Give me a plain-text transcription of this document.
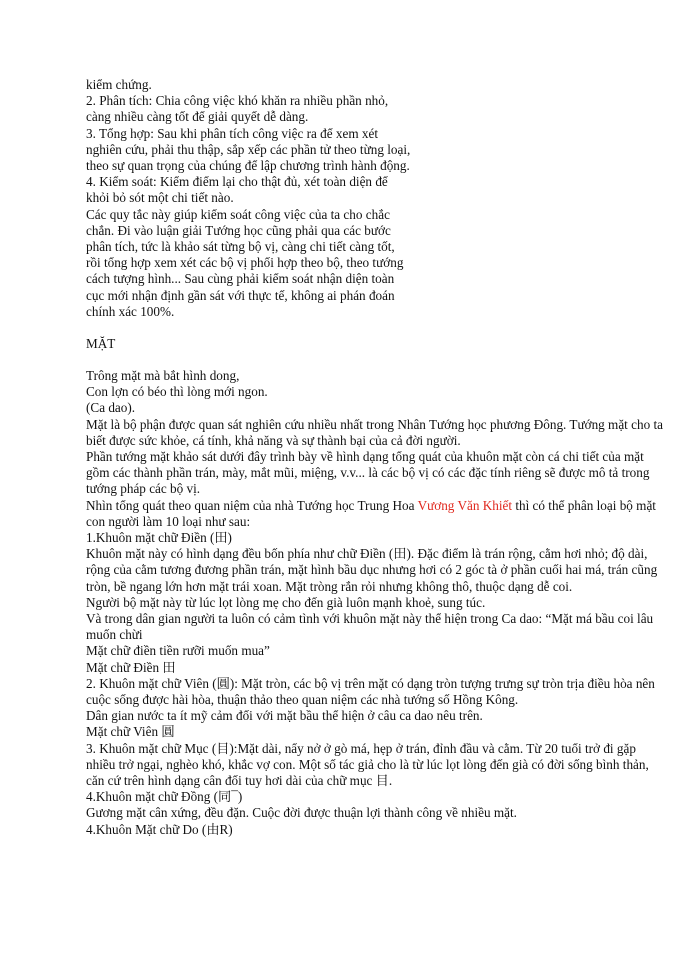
kiểm chứng.
2. Phân tích: Chia công việc khó khăn ra nhiều phần nhỏ,
càng nhiều càng tốt để giải quyết dễ dàng.
3. Tổng hợp: Sau khi phân tích công việc ra để xem xét
nghiên cứu, phải thu thập, sắp xếp các phần tử theo từng loại,
theo sự quan trọng của chúng để lập chương trình hành động.
4. Kiểm soát: Kiểm điểm lại cho thật đủ, xét toàn diện để
khỏi bỏ sót một chi tiết nào.
Các quy tắc này giúp kiểm soát công việc của ta cho chắc
chắn. Đi vào luận giải Tướng học cũng phải qua các bước
phân tích, tức là khảo sát từng bộ vị, càng chi tiết càng tốt,
rồi tổng hợp xem xét các bộ vị phối hợp theo bộ, theo tướng
cách tượng hình... Sau cùng phải kiểm soát nhận diện toàn
cục mới nhận định gần sát với thực tế, không ai phán đoán
chính xác 100%.
MẶT
Trông mặt mà bắt hình dong,
Con lợn có béo thì lòng mới ngon.
(Ca dao).
Mặt là bộ phận được quan sát nghiên cứu nhiều nhất trong Nhân Tướng học phương Đông. Tướng mặt cho ta biết được sức khỏe, cá tính, khả năng và sự thành bại của cả đời người.
Phần tướng mặt khảo sát dưới đây trình bày về hình dạng tổng quát của khuôn mặt còn cá chi tiết của mặt gồm các thành phần trán, mày, mắt mũi, miệng, v.v... là các bộ vị có các đặc tính riêng sẽ được mô tả trong tướng pháp các bộ vị.
Nhìn tổng quát theo quan niệm của nhà Tướng học Trung Hoa Vương Văn Khiết thì có thể phân loại bộ mặt con người làm 10 loại như sau:
1.Khuôn mặt chữ Điền (田)
Khuôn mặt này có hình dạng đều bốn phía như chữ Điền (田). Đặc điểm là trán rộng, cằm hơi nhỏ; độ dài, rộng của cằm tương đương phần trán, mặt hình bầu dục nhưng hơi có 2 góc tà ở phần cuối hai má, trán cũng tròn, bề ngang lớn hơn mặt trái xoan. Mặt tròng rắn rỏi nhưng không thô, thuộc dạng dễ coi.
Người bộ mặt này từ lúc lọt lòng mẹ cho đến già luôn mạnh khoẻ, sung túc.
Và trong dân gian người ta luôn có cảm tình với khuôn mặt này thể hiện trong Ca dao: “Mặt má bầu coi lâu muốn chừi
Mặt chữ điền tiền rưỡi muốn mua”
Mặt chữ Điền 田
2. Khuôn mặt chữ Viên (圓): Mặt tròn, các bộ vị trên mặt có dạng tròn tượng trưng sự tròn trịa điều hòa nên cuộc sống được hài hòa, thuận thảo theo quan niệm các nhà tướng số Hồng Kông.
Dân gian nước ta ít mỹ cảm đối với mặt bầu thể hiện ở câu ca dao nêu trên.
Mặt chữ Viên 圓
3. Khuôn mặt chữ Mục (目):Mặt dài, nẩy nở ở gò má, hẹp ở trán, đỉnh đầu và cằm. Từ 20 tuổi trở đi gặp nhiều trở ngại, nghèo khó, khắc vợ con. Một số tác giả cho là từ lúc lọt lòng đến già có đời sống bình thản, căn cứ trên hình dạng cân đối tuy hơi dài của chữ mục 目.
4.Khuôn mặt chữ Đồng (同¯)
Gương mặt cân xứng, đều đặn. Cuộc đời được thuận lợi thành công về nhiều mặt.
4.Khuôn Mặt chữ Do (由R)
